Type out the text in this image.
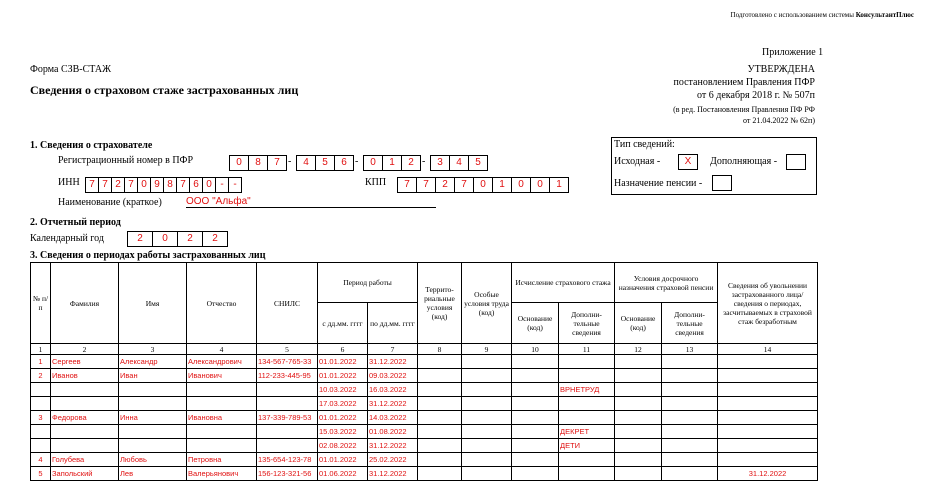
Подготовлено с использованием системы КонсультантПлюс
Приложение 1
УТВЕРЖДЕНА
постановлением Правления ПФР
от 6 декабря 2018 г. № 507п
(в ред. Постановления Правления ПФ РФ
от 21.04.2022 № 62п)
Форма СЗВ-СТАЖ
Сведения о страховом стаже застрахованных лиц
1. Сведения о страхователе
Регистрационный номер в ПФР	0	8	7 -	4	5	6 -	0	1	2 -	3	4	5
ИНН 7 7 2 7 0 9 8 7 6 0 - -	КПП	7	7	2	7	0	1	0	0	1
Наименование (краткое) ООО "Альфа"
Тип сведений:
Исходная -	X	Дополняющая -
Назначение пенсии -
2. Отчетный период
Календарный год	2	0	2	2
3. Сведения о периодах работы застрахованных лиц
№ п/п	Фамилия	Имя	Отчество	СНИЛС	Период работы		Террито-риальные условия (код)	Особые условия труда (код)	Исчисление страхового стажа		Условия досрочного назначения страховой пенсии		Сведения об увольнении застрахованного лица/ сведения о периодах, засчитываемых в страховой стаж безработным

					с дд.мм. гггг	по дд.мм. гггг			Основание (код)	Дополни-тельные сведения	Основание (код)	Дополни-тельные сведения	
1	2	3	4	5	6	7	8	9	10	11	12	13	14
1	Сергеев	Александр	Александрович	134-567-765-33	01.01.2022	31.12.2022							
2	Иванов	Иван	Иванович	112-233-445-95	01.01.2022	09.03.2022							
					10.03.2022	16.03.2022				ВРНЕТРУД			
					17.03.2022	31.12.2022							
3	Федорова	Инна	Ивановна	137-339-789-53	01.01.2022	14.03.2022							
					15.03.2022	01.08.2022				ДЕКРЕТ			
					02.08.2022	31.12.2022				ДЕТИ			
4	Голубева	Любовь	Петровна	135-654-123-78	01.01.2022	25.02.2022							
5	Запольский	Лев	Валерьянович	156-123-321-56	01.06.2022	31.12.2022							31.12.2022
